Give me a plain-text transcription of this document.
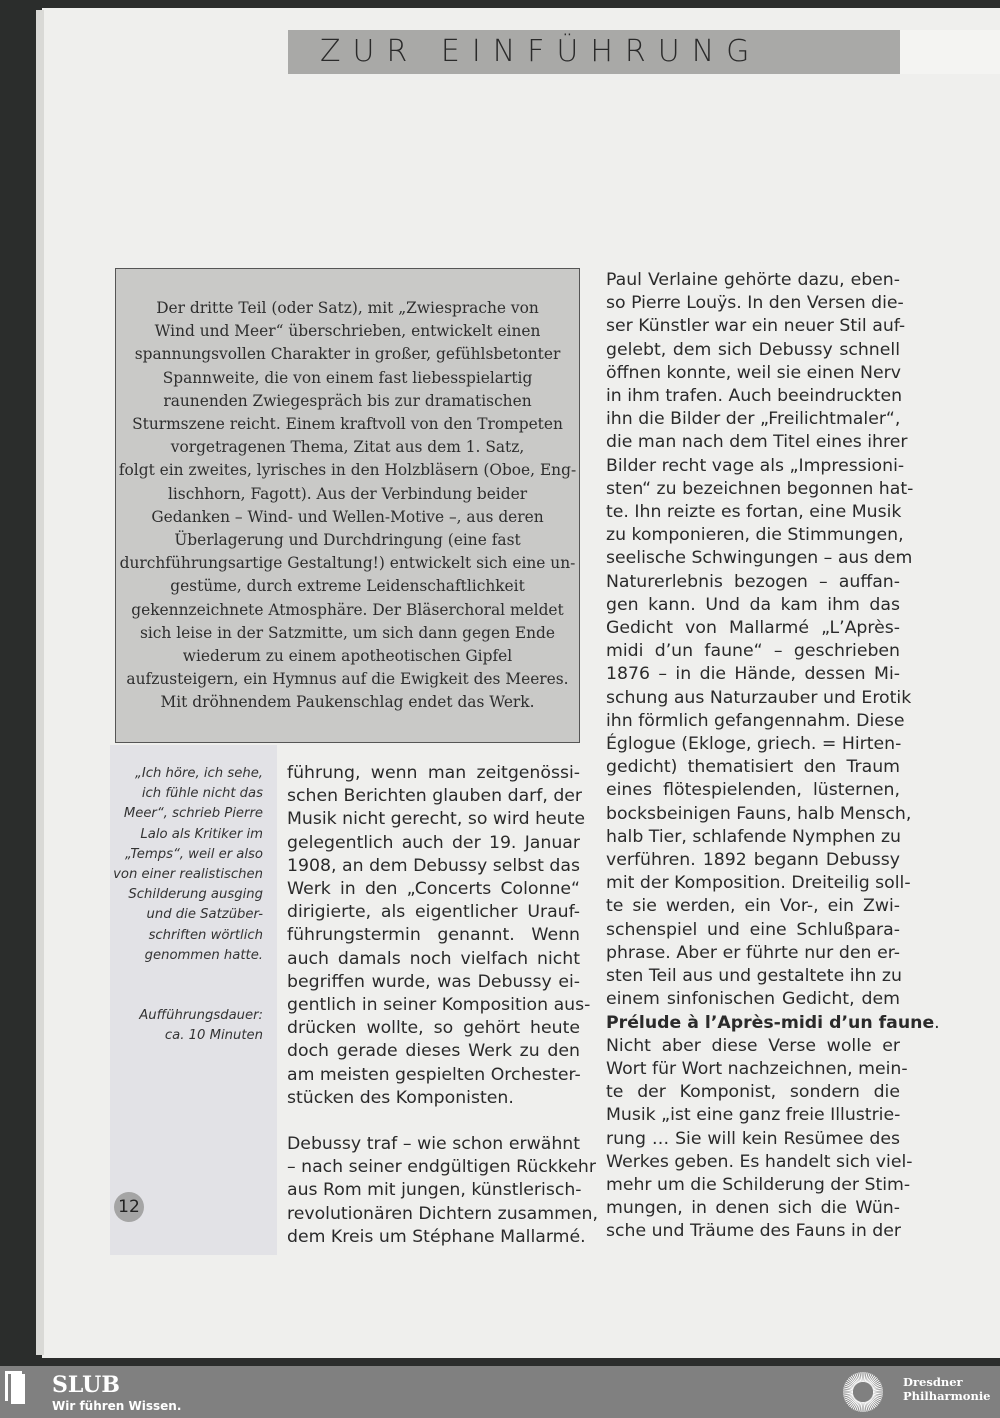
ZUR EINFÜHRUNG
Der dritte Teil (oder Satz), mit „Zwiesprache von
Wind und Meer“ überschrieben, entwickelt einen
spannungsvollen Charakter in großer, gefühlsbetonter
Spannweite, die von einem fast liebesspielartig
raunenden Zwiegespräch bis zur dramatischen
Sturmszene reicht. Einem kraftvoll von den Trompeten
vorgetragenen Thema, Zitat aus dem 1. Satz,
folgt ein zweites, lyrisches in den Holzbläsern (Oboe, Eng-
lischhorn, Fagott). Aus der Verbindung beider
Gedanken – Wind- und Wellen-Motive –, aus deren
Überlagerung und Durchdringung (eine fast
durchführungsartige Gestaltung!) entwickelt sich eine un-
gestüme, durch extreme Leidenschaftlichkeit
gekennzeichnete Atmosphäre. Der Bläserchoral meldet
sich leise in der Satzmitte, um sich dann gegen Ende
wiederum zu einem apotheotischen Gipfel
aufzusteigern, ein Hymnus auf die Ewigkeit des Meeres.
Mit dröhnendem Paukenschlag endet das Werk.
„Ich höre, ich sehe,
ich fühle nicht das
Meer“, schrieb Pierre
Lalo als Kritiker im
„Temps“, weil er also
von einer realistischen
Schilderung ausging
und die Satzüber-
schriften wörtlich
genommen hatte.
Aufführungsdauer:
ca. 10 Minuten
führung, wenn man zeitgenössi-
schen Berichten glauben darf, der
Musik nicht gerecht, so wird heute
gelegentlich auch der 19. Januar
1908, an dem Debussy selbst das
Werk in den „Concerts Colonne“
dirigierte, als eigentlicher Urauf-
führungstermin genannt. Wenn
auch damals noch vielfach nicht
begriffen wurde, was Debussy ei-
gentlich in seiner Komposition aus-
drücken wollte, so gehört heute
doch gerade dieses Werk zu den
am meisten gespielten Orchester-
stücken des Komponisten.
Debussy traf – wie schon erwähnt
– nach seiner endgültigen Rückkehr
aus Rom mit jungen, künstlerisch-
revolutionären Dichtern zusammen,
dem Kreis um Stéphane Mallarmé.
Paul Verlaine gehörte dazu, eben-
so Pierre Louÿs. In den Versen die-
ser Künstler war ein neuer Stil auf-
gelebt, dem sich Debussy schnell
öffnen konnte, weil sie einen Nerv
in ihm trafen. Auch beeindruckten
ihn die Bilder der „Freilichtmaler“,
die man nach dem Titel eines ihrer
Bilder recht vage als „Impressioni-
sten“ zu bezeichnen begonnen hat-
te. Ihn reizte es fortan, eine Musik
zu komponieren, die Stimmungen,
seelische Schwingungen – aus dem
Naturerlebnis bezogen – auffan-
gen kann. Und da kam ihm das
Gedicht von Mallarmé „L’Après-
midi d’un faune“ – geschrieben
1876 – in die Hände, dessen Mi-
schung aus Naturzauber und Erotik
ihn förmlich gefangennahm. Diese
Églogue (Ekloge, griech. = Hirten-
gedicht) thematisiert den Traum
eines flötespielenden, lüsternen,
bocksbeinigen Fauns, halb Mensch,
halb Tier, schlafende Nymphen zu
verführen. 1892 begann Debussy
mit der Komposition. Dreiteilig soll-
te sie werden, ein Vor-, ein Zwi-
schenspiel und eine Schlußpara-
phrase. Aber er führte nur den er-
sten Teil aus und gestaltete ihn zu
einem sinfonischen Gedicht, dem
Prélude à l’Après-midi d’un faune.
Nicht aber diese Verse wolle er
Wort für Wort nachzeichnen, mein-
te der Komponist, sondern die
Musik „ist eine ganz freie Illustrie-
rung … Sie will kein Resümee des
Werkes geben. Es handelt sich viel-
mehr um die Schilderung der Stim-
mungen, in denen sich die Wün-
sche und Träume des Fauns in der
12
SLUB
Wir führen Wissen.
Dresdner
Philharmonie
